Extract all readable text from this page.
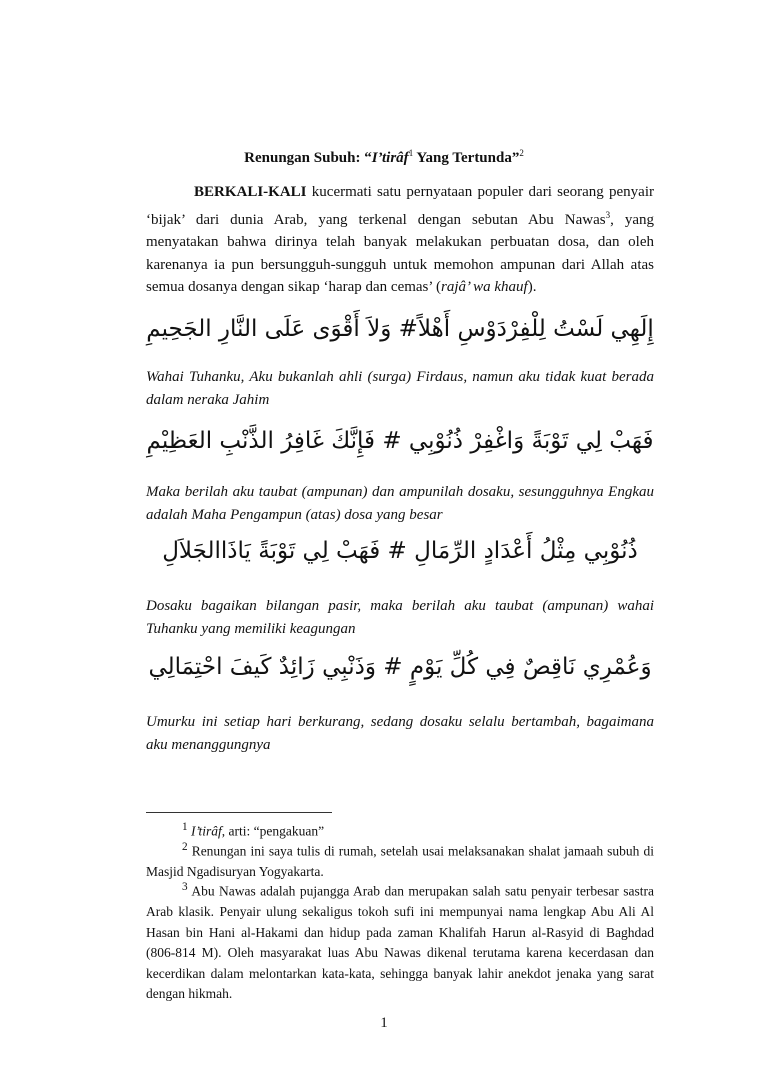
Renungan Subuh: “I’tirâf$^1$ Yang Tertunda”$^2$
BERKALI-KALI kucermati satu pernyataan populer dari seorang penyair ‘bijak’ dari dunia Arab, yang terkenal dengan sebutan Abu Nawas$^3$, yang menyatakan bahwa dirinya telah banyak melakukan perbuatan dosa, dan oleh karenanya ia pun bersungguh-sungguh untuk memohon ampunan dari Allah atas semua dosanya dengan sikap ‘harap dan cemas’ (rajâ’ wa khauf).
إِلَهِي لَسْتُ لِلْفِرْدَوْسِ أَهْلاً# وَلاَ أَقْوَى عَلَى النَّارِ الجَحِيمِ
Wahai Tuhanku, Aku bukanlah ahli (surga) Firdaus, namun aku tidak kuat berada dalam neraka Jahim
فَهَبْ لِي تَوْبَةً وَاغْفِرْ ذُنُوْبِي # فَإِنَّكَ غَافِرُ الذَّنْبِ العَظِيْمِ
Maka berilah aku taubat (ampunan) dan ampunilah dosaku, sesungguhnya Engkau adalah Maha Pengampun (atas) dosa yang besar
ذُنُوْبِي مِثْلُ أَعْدَادٍ الرِّمَالِ # فَهَبْ لِي تَوْبَةً يَاذَاالجَلاَلِ
Dosaku bagaikan bilangan pasir, maka berilah aku taubat (ampunan) wahai Tuhanku yang memiliki keagungan
وَعُمْرِي نَاقِصٌ فِي كُلِّ يَوْمٍ # وَذَنْبِي زَائِدٌ كَيفَ احْتِمَالِي
Umurku ini setiap hari berkurang, sedang dosaku selalu bertambah, bagaimana aku menanggungnya
$^1$ I’tirâf, arti: “pengakuan”
$^2$ Renungan ini saya tulis di rumah, setelah usai melaksanakan shalat jamaah subuh di Masjid Ngadisuryan Yogyakarta.
$^3$ Abu Nawas adalah pujangga Arab dan merupakan salah satu penyair terbesar sastra Arab klasik. Penyair ulung sekaligus tokoh sufi ini mempunyai nama lengkap Abu Ali Al Hasan bin Hani al-Hakami dan hidup pada zaman Khalifah Harun al-Rasyid di Baghdad (806-814 M). Oleh masyarakat luas Abu Nawas dikenal terutama karena kecerdasan dan kecerdikan dalam melontarkan kata-kata, sehingga banyak lahir anekdot jenaka yang sarat dengan hikmah.
1
